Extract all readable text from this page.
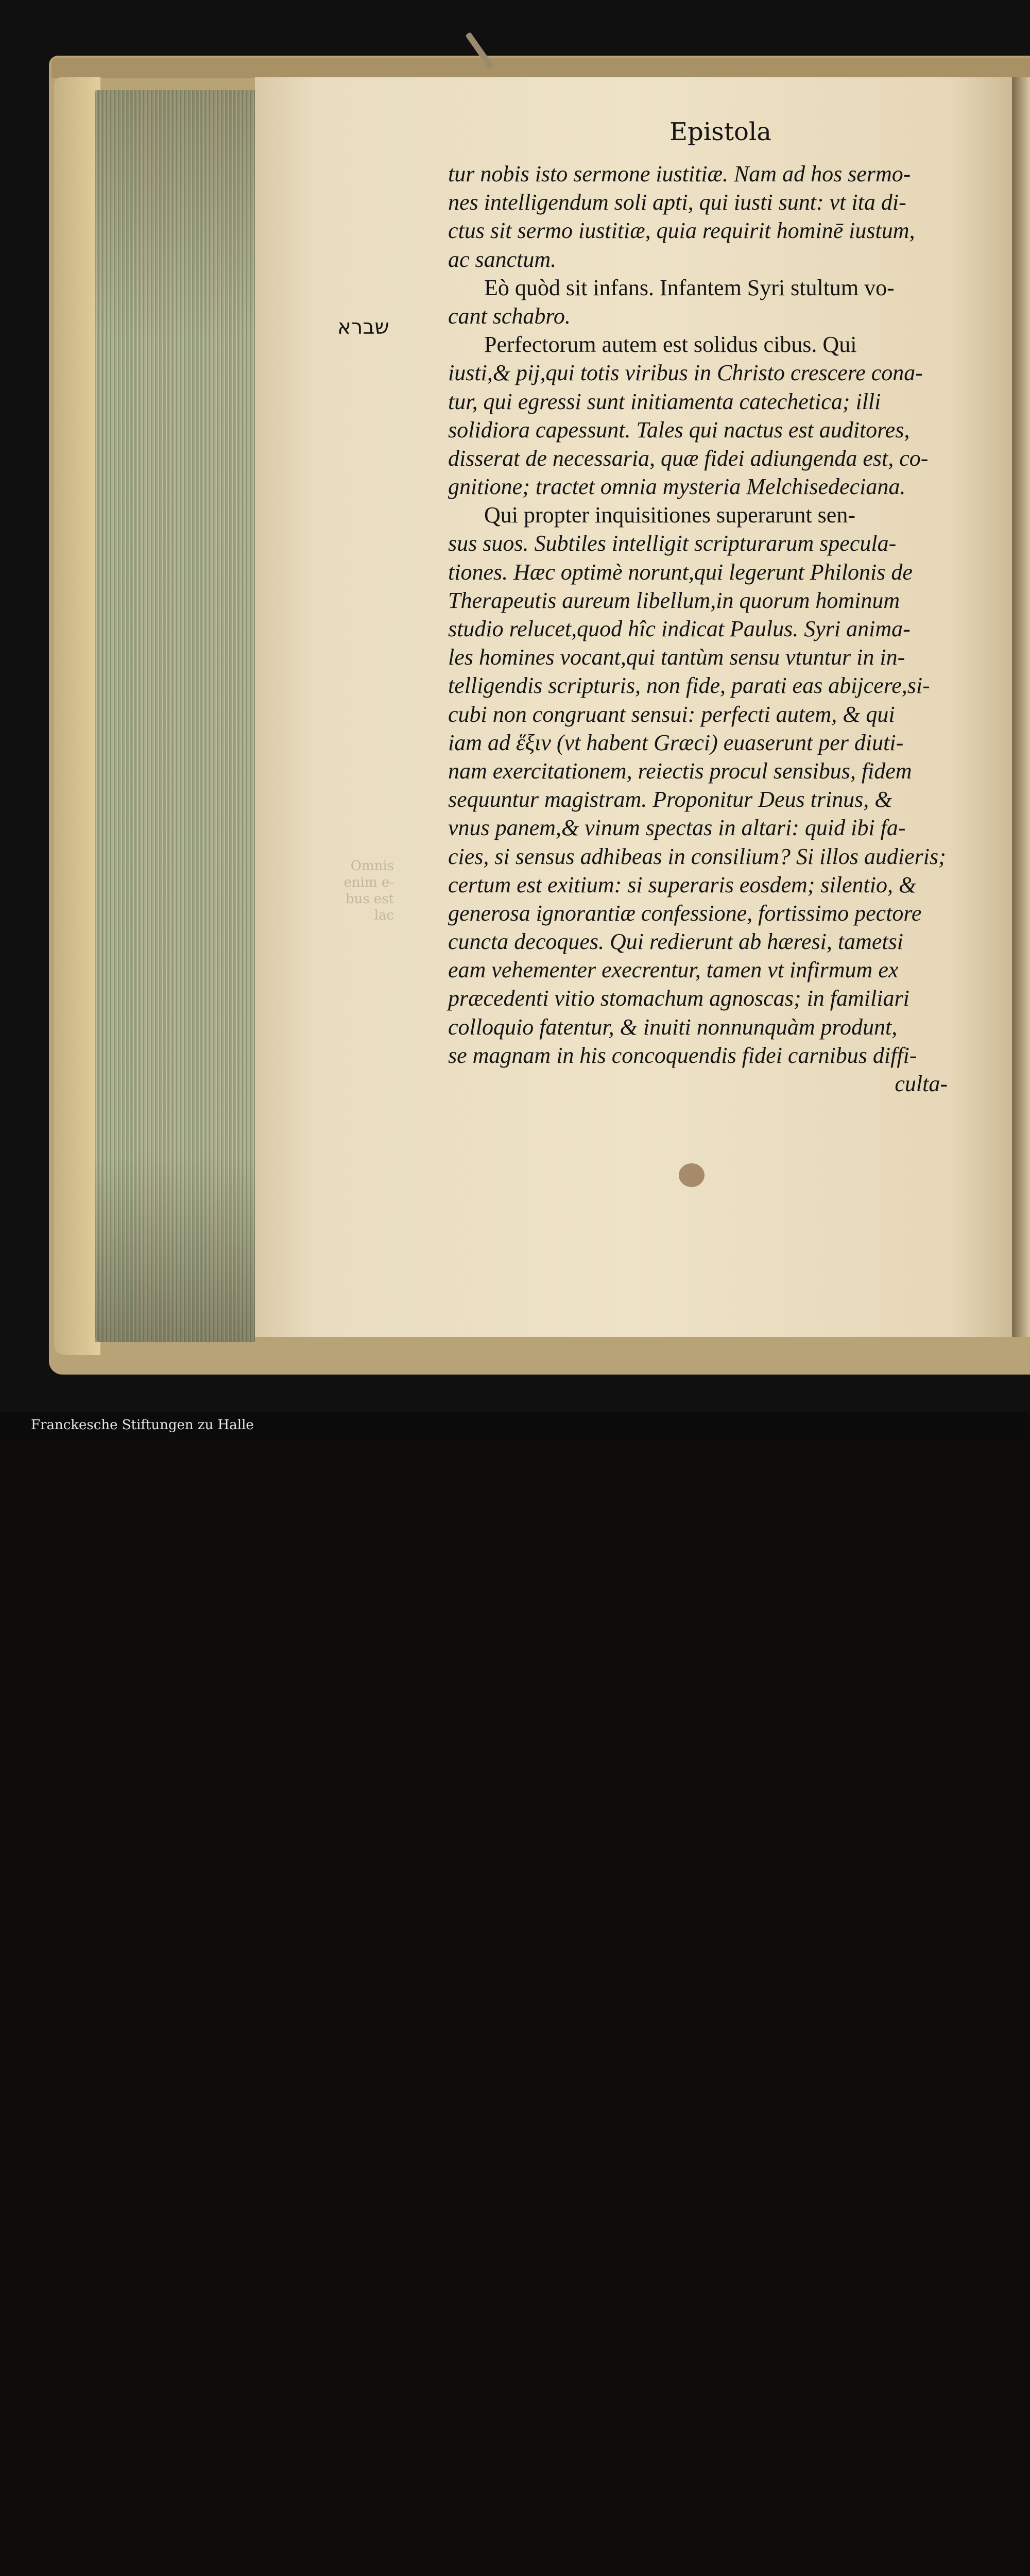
Omnis
enim e-
bus est lac
Epistola
שברא
tur nobis isto sermone iustitiæ. Nam ad hos sermo-
nes intelligendum soli apti, qui iusti sunt: vt ita di-
ctus sit sermo iustitiæ, quia requirit hominē iustum,
ac sanctum.
Eò quòd sit infans. Infantem Syri stultum vo-
cant schabro.
Perfectorum autem est solidus cibus. Qui
iusti,& pij,qui totis viribus in Christo crescere cona-
tur, qui egressi sunt initiamenta catechetica; illi
solidiora capessunt. Tales qui nactus est auditores,
disserat de necessaria, quæ fidei adiungenda est, co-
gnitione; tractet omnia mysteria Melchisedeciana.
Qui propter inquisitiones superarunt sen-
sus suos. Subtiles intelligit scripturarum specula-
tiones. Hæc optimè norunt,qui legerunt Philonis de
Therapeutis aureum libellum,in quorum hominum
studio relucet,quod hîc indicat Paulus. Syri anima-
les homines vocant,qui tantùm sensu vtuntur in in-
telligendis scripturis, non fide, parati eas abijcere,si-
cubi non congruant sensui: perfecti autem, & qui
iam ad ἕξιν (vt habent Græci) euaserunt per diuti-
nam exercitationem, reiectis procul sensibus, fidem
sequuntur magistram. Proponitur Deus trinus, &
vnus panem,& vinum spectas in altari: quid ibi fa-
cies, si sensus adhibeas in consilium? Si illos audieris;
certum est exitium: si superaris eosdem; silentio, &
generosa ignorantiæ confessione, fortissimo pectore
cuncta decoques. Qui redierunt ab hæresi, tametsi
eam vehementer execrentur, tamen vt infirmum ex
præcedenti vitio stomachum agnoscas; in familiari
colloquio fatentur, & inuiti nonnunquàm produnt,
se magnam in his concoquendis fidei carnibus diffi-
culta-
Franckesche Stiftungen zu Halle
